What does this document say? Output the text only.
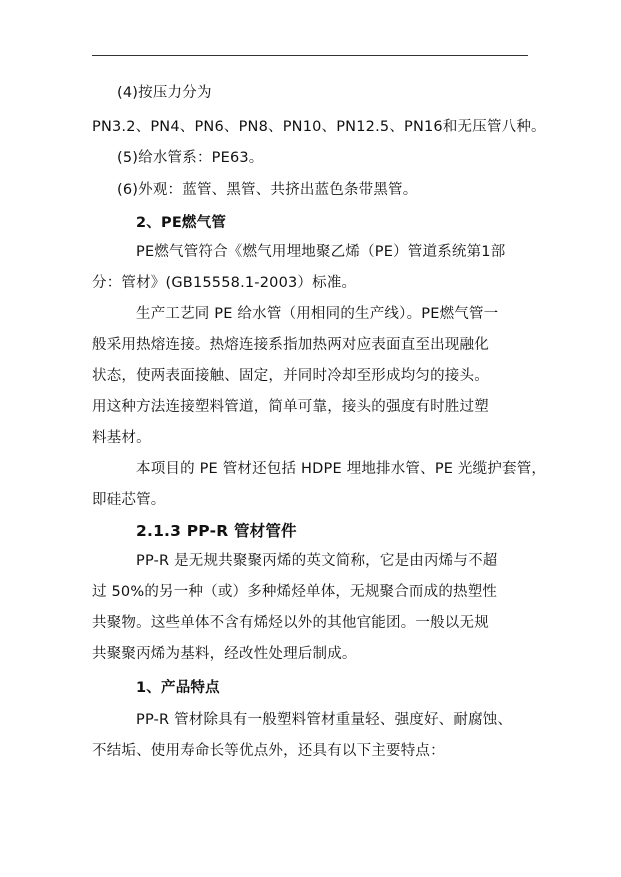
(4)按压力分为
PN3.2、PN4、PN6、PN8、PN10、PN12.5、PN16和无压管八种。
(5)给水管系：PE63。
(6)外观：蓝管、黑管、共挤出蓝色条带黑管。
2、PE燃气管
PE燃气管符合《燃气用埋地聚乙烯（PE）管道系统第1部
分：管材》(GB15558.1-2003）标准。
生产工艺同 PE 给水管（用相同的生产线）。PE燃气管一
般采用热熔连接。热熔连接系指加热两对应表面直至出现融化
状态，使两表面接触、固定，并同时冷却至形成均匀的接头。
用这种方法连接塑料管道，简单可靠，接头的强度有时胜过塑
料基材。
本项目的 PE 管材还包括 HDPE 埋地排水管、PE 光缆护套管，
即硅芯管。
2.1.3 PP-R 管材管件
PP-R 是无规共聚聚丙烯的英文简称，它是由丙烯与不超
过 50%的另一种（或）多种烯烃单体，无规聚合而成的热塑性
共聚物。这些单体不含有烯烃以外的其他官能团。一般以无规
共聚聚丙烯为基料，经改性处理后制成。
1、产品特点
PP-R 管材除具有一般塑料管材重量轻、强度好、耐腐蚀、
不结垢、使用寿命长等优点外，还具有以下主要特点：
